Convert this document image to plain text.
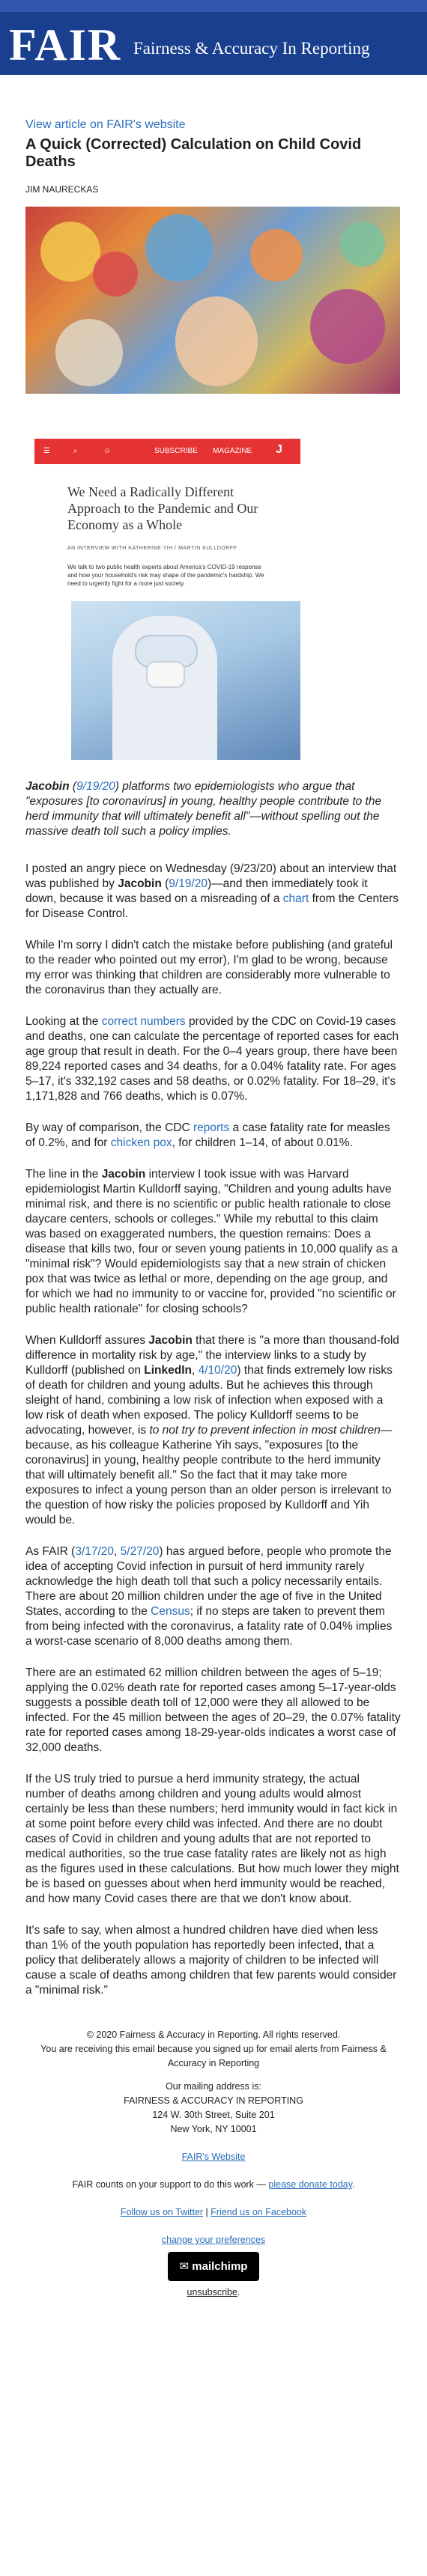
FAIR Fairness & Accuracy In Reporting
View article on FAIR's website
A Quick (Corrected) Calculation on Child Covid Deaths
JIM NAURECKAS
☰	⌕	☺	SUBSCRIBE MAGAZINE J
We Need a Radically Different Approach to the Pandemic and Our Economy as a Whole
AN INTERVIEW WITH KATHERINE YIH / MARTIN KULLDORFF
We talk to two public health experts about America's COVID-19 response and how your household's risk may shape of the pandemic's hardship. We need to urgently fight for a more just society.
Jacobin (9/19/20) platforms two epidemiologists who argue that "exposures [to coronavirus] in young, healthy people contribute to the herd immunity that will ultimately benefit all"—without spelling out the massive death toll such a policy implies.

I posted an angry piece on Wednesday (9/23/20) about an interview that was published by Jacobin (9/19/20)—and then immediately took it down, because it was based on a misreading of a chart from the Centers for Disease Control.

While I'm sorry I didn't catch the mistake before publishing (and grateful to the reader who pointed out my error), I'm glad to be wrong, because my error was thinking that children are considerably more vulnerable to the coronavirus than they actually are.

Looking at the correct numbers provided by the CDC on Covid-19 cases and deaths, one can calculate the percentage of reported cases for each age group that result in death. For the 0–4 years group, there have been 89,224 reported cases and 34 deaths, for a 0.04% fatality rate. For ages 5–17, it's 332,192 cases and 58 deaths, or 0.02% fatality. For 18–29, it's 1,171,828 and 766 deaths, which is 0.07%.

By way of comparison, the CDC reports a case fatality rate for measles of 0.2%, and for chicken pox, for children 1–14, of about 0.01%.

The line in the Jacobin interview I took issue with was Harvard epidemiologist Martin Kulldorff saying, "Children and young adults have minimal risk, and there is no scientific or public health rationale to close daycare centers, schools or colleges." While my rebuttal to this claim was based on exaggerated numbers, the question remains: Does a disease that kills two, four or seven young patients in 10,000 qualify as a "minimal risk"? Would epidemiologists say that a new strain of chicken pox that was twice as lethal or more, depending on the age group, and for which we had no immunity to or vaccine for, provided "no scientific or public health rationale" for closing schools?

When Kulldorff assures Jacobin that there is "a more than thousand-fold difference in mortality risk by age," the interview links to a study by Kulldorff (published on LinkedIn, 4/10/20) that finds extremely low risks of death for children and young adults. But he achieves this through sleight of hand, combining a low risk of infection when exposed with a low risk of death when exposed. The policy Kulldorff seems to be advocating, however, is to not try to prevent infection in most children—because, as his colleague Katherine Yih says, "exposures [to the coronavirus] in young, healthy people contribute to the herd immunity that will ultimately benefit all." So the fact that it may take more exposures to infect a young person than an older person is irrelevant to the question of how risky the policies proposed by Kulldorff and Yih would be.

As FAIR (3/17/20, 5/27/20) has argued before, people who promote the idea of accepting Covid infection in pursuit of herd immunity rarely acknowledge the high death toll that such a policy necessarily entails. There are about 20 million children under the age of five in the United States, according to the Census; if no steps are taken to prevent them from being infected with the coronavirus, a fatality rate of 0.04% implies a worst-case scenario of 8,000 deaths among them.

There are an estimated 62 million children between the ages of 5–19; applying the 0.02% death rate for reported cases among 5–17-year-olds suggests a possible death toll of 12,000 were they all allowed to be infected. For the 45 million between the ages of 20–29, the 0.07% fatality rate for reported cases among 18-29-year-olds indicates a worst case of 32,000 deaths.

If the US truly tried to pursue a herd immunity strategy, the actual number of deaths among children and young adults would almost certainly be less than these numbers; herd immunity would in fact kick in at some point before every child was infected. And there are no doubt cases of Covid in children and young adults that are not reported to medical authorities, so the true case fatality rates are likely not as high as the figures used in these calculations. But how much lower they might be is based on guesses about when herd immunity would be reached, and how many Covid cases there are that we don't know about.

It's safe to say, when almost a hundred children have died when less than 1% of the youth population has reportedly been infected, that a policy that deliberately allows a majority of children to be infected will cause a scale of deaths among children that few parents would consider a "minimal risk."

© 2020 Fairness & Accuracy in Reporting. All rights reserved.
You are receiving this email because you signed up for email alerts from Fairness & Accuracy in Reporting
Our mailing address is:
FAIRNESS & ACCURACY IN REPORTING
124 W. 30th Street, Suite 201
New York, NY 10001
FAIR's Website
FAIR counts on your support to do this work — please donate today.
Follow us on Twitter | Friend us on Facebook
change your preferences
✉ mailchimp
unsubscribe.
